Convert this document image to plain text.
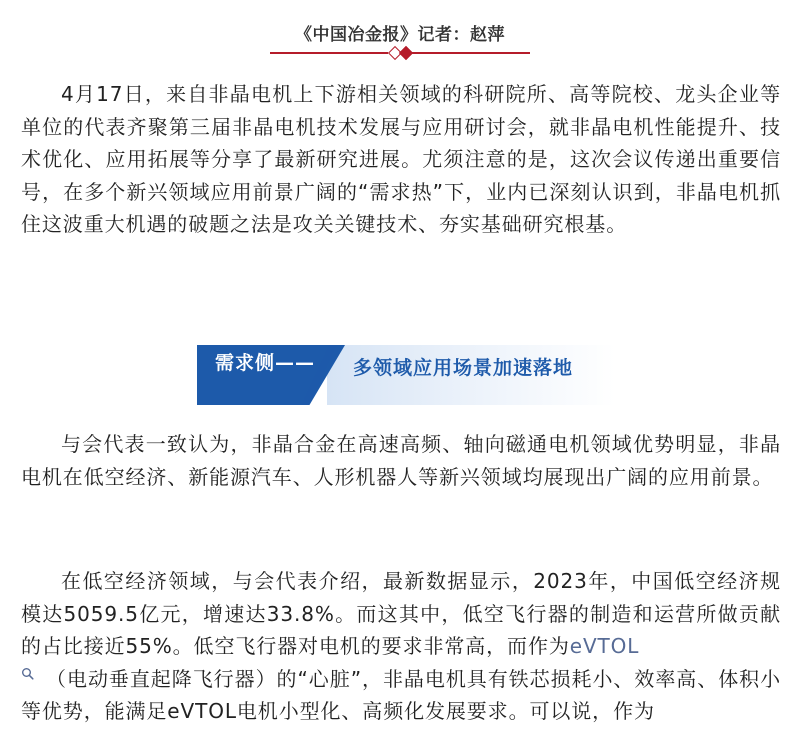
《中国冶金报》记者：赵萍

4月17日，来自非晶电机上下游相关领域的科研院所、高等院校、龙头企业等单位的代表齐聚第三届非晶电机技术发展与应用研讨会，就非晶电机性能提升、技术优化、应用拓展等分享了最新研究进展。尤须注意的是，这次会议传递出重要信号，在多个新兴领域应用前景广阔的“需求热”下，业内已深刻认识到，非晶电机抓住这波重大机遇的破题之法是攻关关键技术、夯实基础研究根基。

需求侧—— 多领域应用场景加速落地

与会代表一致认为，非晶合金在高速高频、轴向磁通电机领域优势明显，非晶电机在低空经济、新能源汽车、人形机器人等新兴领域均展现出广阔的应用前景。

在低空经济领域，与会代表介绍，最新数据显示，2023年，中国低空经济规模达5059.5亿元，增速达33.8%。而这其中，低空飞行器的制造和运营所做贡献的占比接近55%。低空飞行器对电机的要求非常高，而作为eVTOL
（电动垂直起降飞行器）的“心脏”，非晶电机具有铁芯损耗小、效率高、体积小等优势，能满足eVTOL电机小型化、高频化发展要求。可以说，作为
